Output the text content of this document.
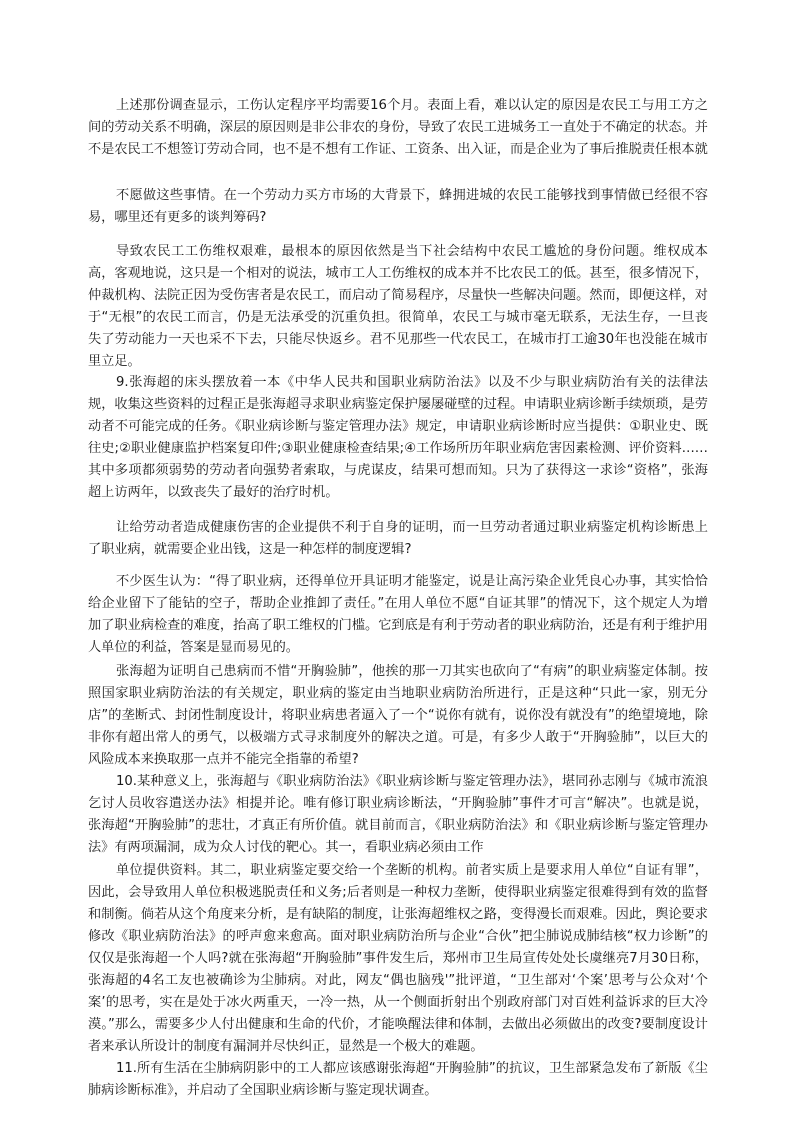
上述那份调查显示，工伤认定程序平均需要16个月。表面上看，难以认定的原因是农民工与用工方之间的劳动关系不明确，深层的原因则是非公非农的身份，导致了农民工进城务工一直处于不确定的状态。并不是农民工不想签订劳动合同，也不是不想有工作证、工资条、出入证，而是企业为了事后推脱责任根本就

不愿做这些事情。在一个劳动力买方市场的大背景下，蜂拥进城的农民工能够找到事情做已经很不容易，哪里还有更多的谈判筹码?

导致农民工工伤维权艰难，最根本的原因依然是当下社会结构中农民工尴尬的身份问题。维权成本高，客观地说，这只是一个相对的说法，城市工人工伤维权的成本并不比农民工的低。甚至，很多情况下，仲裁机构、法院正因为受伤害者是农民工，而启动了简易程序，尽量快一些解决问题。然而，即便这样，对于“无根”的农民工而言，仍是无法承受的沉重负担。很简单，农民工与城市毫无联系，无法生存，一旦丧失了劳动能力一天也采不下去，只能尽快返乡。君不见那些一代农民工，在城市打工逾30年也没能在城市里立足。

9.张海超的床头摆放着一本《中华人民共和国职业病防治法》以及不少与职业病防治有关的法律法规，收集这些资料的过程正是张海超寻求职业病鉴定保护屡屡碰壁的过程。申请职业病诊断手续烦琐，是劳动者不可能完成的任务。《职业病诊断与鉴定管理办法》规定，申请职业病诊断时应当提供：①职业史、既往史;②职业健康监护档案复印件;③职业健康检查结果;④工作场所历年职业病危害因素检测、评价资料……其中多项都须弱势的劳动者向强势者索取，与虎谋皮，结果可想而知。只为了获得这一求诊“资格”，张海超上访两年，以致丧失了最好的治疗时机。

让给劳动者造成健康伤害的企业提供不利于自身的证明，而一旦劳动者通过职业病鉴定机构诊断患上了职业病，就需要企业出钱，这是一种怎样的制度逻辑?

不少医生认为：“得了职业病，还得单位开具证明才能鉴定，说是让高污染企业凭良心办事，其实恰恰给企业留下了能钻的空子，帮助企业推卸了责任。”在用人单位不愿“自证其罪”的情况下，这个规定人为增加了职业病检查的难度，抬高了职工维权的门槛。它到底是有利于劳动者的职业病防治，还是有利于维护用人单位的利益，答案是显而易见的。

张海超为证明自己患病而不惜“开胸验肺”，他挨的那一刀其实也砍向了“有病”的职业病鉴定体制。按照国家职业病防治法的有关规定，职业病的鉴定由当地职业病防治所进行，正是这种“只此一家，别无分店”的垄断式、封闭性制度设计，将职业病患者逼入了一个“说你有就有，说你没有就没有”的绝望境地，除非你有超出常人的勇气，以极端方式寻求制度外的解决之道。可是，有多少人敢于“开胸验肺”，以巨大的风险成本来换取那一点并不能完全指靠的希望?

10.某种意义上，张海超与《职业病防治法》《职业病诊断与鉴定管理办法》，堪同孙志刚与《城市流浪乞讨人员收容遣送办法》相提并论。唯有修订职业病诊断法，“开胸验肺”事件才可言“解决”。也就是说，张海超“开胸验肺”的悲壮，才真正有所价值。就目前而言，《职业病防治法》和《职业病诊断与鉴定管理办法》有两项漏洞，成为众人讨伐的靶心。其一，看职业病必须由工作

单位提供资料。其二，职业病鉴定要交给一个垄断的机构。前者实质上是要求用人单位“自证有罪”，因此，会导致用人单位积极逃脱责任和义务;后者则是一种权力垄断，使得职业病鉴定很难得到有效的监督和制衡。倘若从这个角度来分析，是有缺陷的制度，让张海超维权之路，变得漫长而艰难。因此，舆论要求修改《职业病防治法》的呼声愈来愈高。面对职业病防治所与企业“合伙”把尘肺说成肺结核“权力诊断”的仅仅是张海超一个人吗?就在张海超“开胸验肺”事件发生后，郑州市卫生局宣传处处长虞继亮7月30日称，张海超的4名工友也被确诊为尘肺病。对此，网友“偶也脑残'”批评道，“卫生部对‘个案’思考与公众对‘个案’的思考，实在是处于冰火两重天，一冷一热，从一个侧面折射出个别政府部门对百姓利益诉求的巨大冷漠。”那么，需要多少人付出健康和生命的代价，才能唤醒法律和体制，去做出必须做出的改变?要制度设计者来承认所设计的制度有漏洞并尽快纠正，显然是一个极大的难题。

11.所有生活在尘肺病阴影中的工人都应该感谢张海超“开胸验肺”的抗议，卫生部紧急发布了新版《尘肺病诊断标准》，并启动了全国职业病诊断与鉴定现状调查。
